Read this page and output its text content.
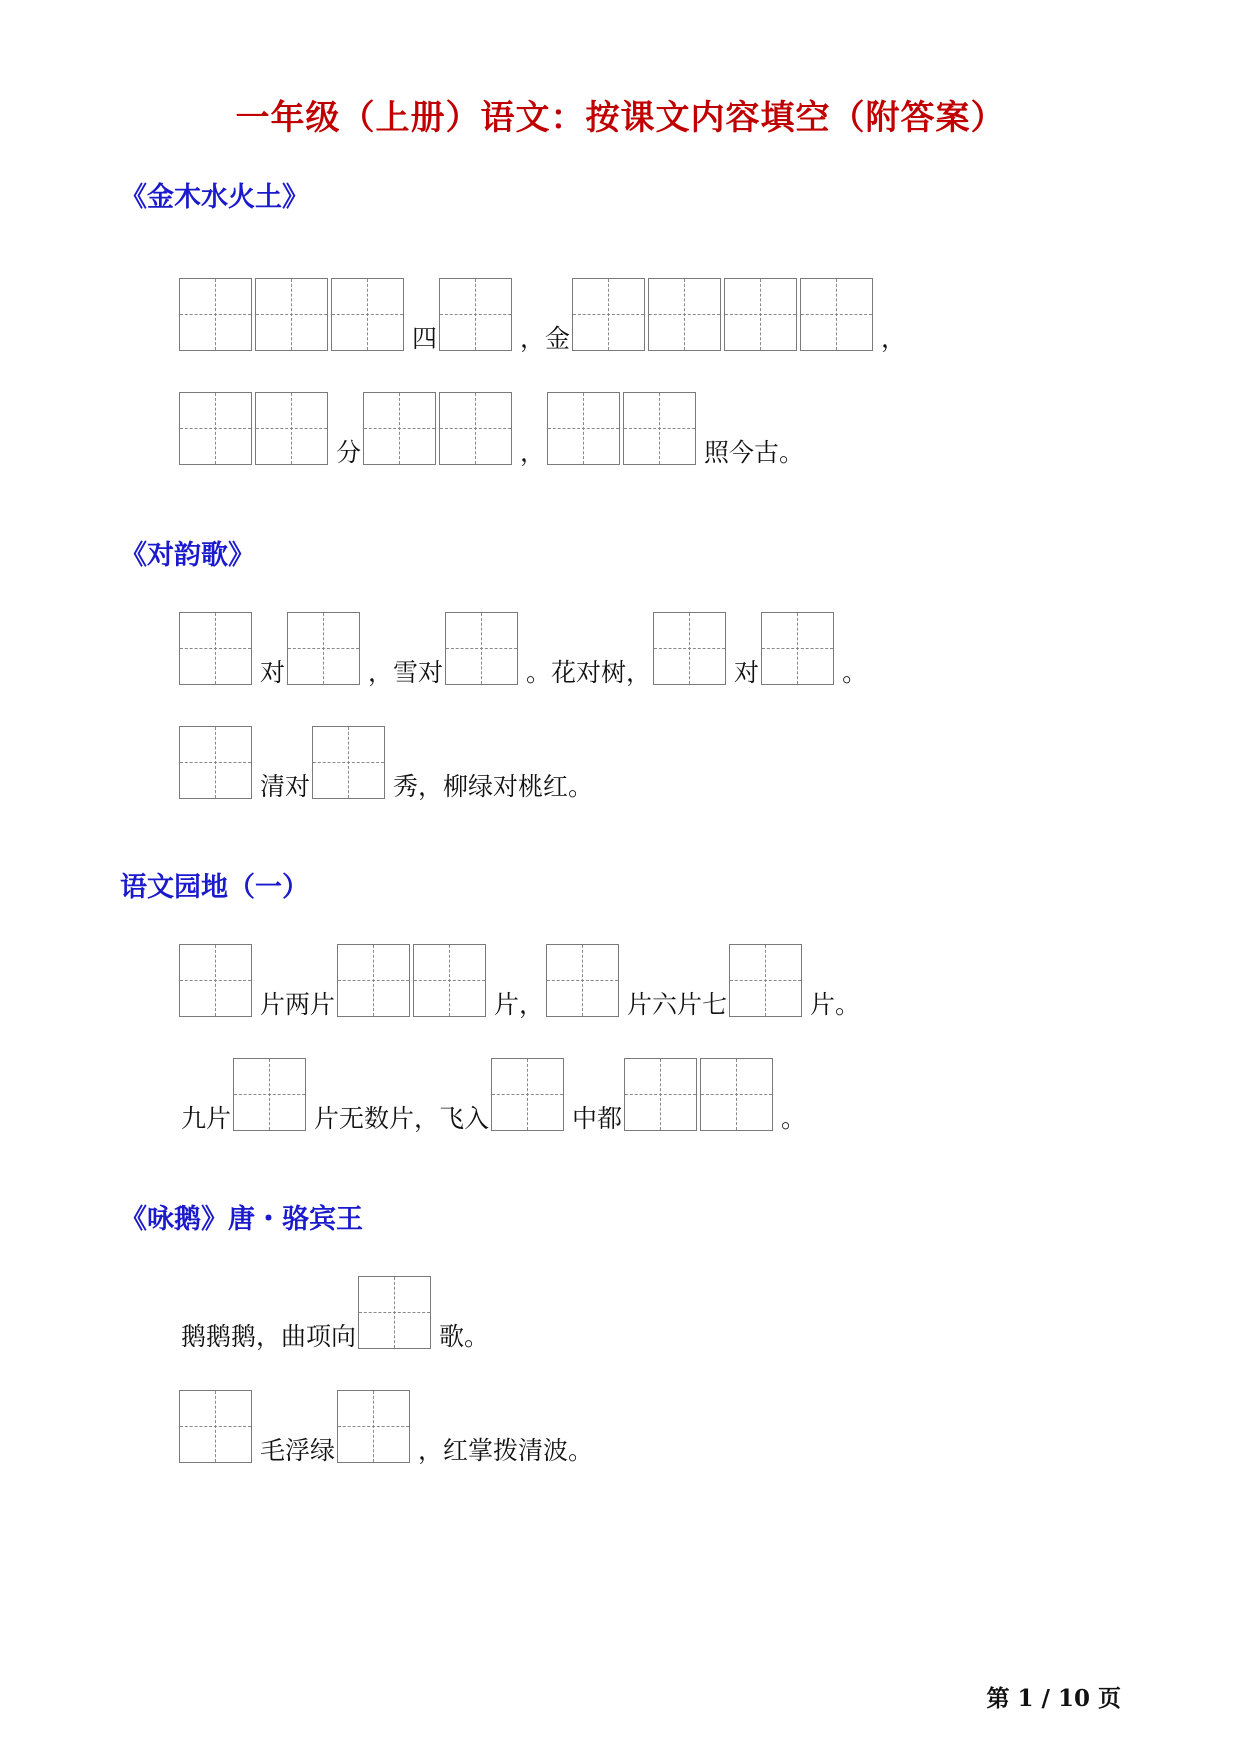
一年级（上册）语文：按课文内容填空（附答案）
《金木水火土》
四	，金	，
分	，	照今古。
《对韵歌》
对	，雪对	。花对树，	对	。
清对	秀，柳绿对桃红。
语文园地（一）
片两片	片，	片六片七	片。
九片	片无数片，飞入	中都	。
《咏鹅》唐・骆宾王
鹅鹅鹅，曲项向	歌。
毛浮绿	，红掌拨清波。
第 1 / 10 页
